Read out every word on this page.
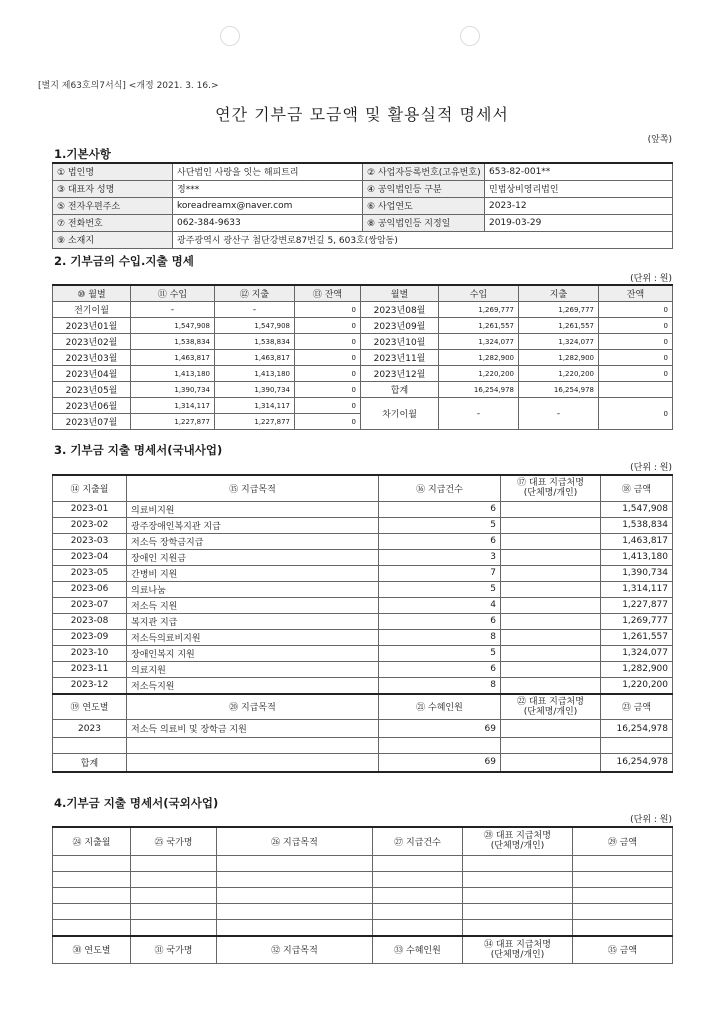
[별지 제63호의7서식] <개정 2021. 3. 16.>
연간 기부금 모금액 및 활용실적 명세서
(앞쪽)
1.기본사항
① 법인명	사단법인 사랑을 잇는 해피트리	② 사업자등록번호(고유번호)	653-82-001**
③ 대표자 성명	정***	④ 공익법인등 구분	민법상비영리법인
⑤ 전자우편주소	koreadreamx@naver.com	⑥ 사업연도	2023-12
⑦ 전화번호	062-384-9633	⑧ 공익법인등 지정일	2019-03-29
⑨ 소재지	광주광역시 광산구 첨단강변로87번길 5, 603호(쌍암동)		
2. 기부금의 수입.지출 명세
(단위 : 원)
⑩ 월별	⑪ 수입	⑫ 지출	⑬ 잔액	월별	수입	지출	잔액
전기이월	-	-	0	2023년08월	1,269,777	1,269,777	0
2023년01월	1,547,908	1,547,908	0	2023년09월	1,261,557	1,261,557	0
2023년02월	1,538,834	1,538,834	0	2023년10월	1,324,077	1,324,077	0
2023년03월	1,463,817	1,463,817	0	2023년11월	1,282,900	1,282,900	0
2023년04월	1,413,180	1,413,180	0	2023년12월	1,220,200	1,220,200	0
2023년05월	1,390,734	1,390,734	0	합계	16,254,978	16,254,978	
2023년06월	1,314,117	1,314,117	0	차기이월	-	-	0
2023년07월	1,227,877	1,227,877	0				
3. 기부금 지출 명세서(국내사업)
(단위 : 원)
⑭ 지출월	⑮ 지급목적	⑯ 지급건수	⑰ 대표 지급처명
(단체명/개인)	⑱ 금액
2023-01	의료비지원	6		1,547,908
2023-02	광주장애인복지관 지급	5		1,538,834
2023-03	저소득 장학금지급	6		1,463,817
2023-04	장애인 지원금	3		1,413,180
2023-05	간병비 지원	7		1,390,734
2023-06	의료나눔	5		1,314,117
2023-07	저소득 지원	4		1,227,877
2023-08	복지관 지급	6		1,269,777
2023-09	저소득의료비지원	8		1,261,557
2023-10	장애인복지 지원	5		1,324,077
2023-11	의료지원	6		1,282,900
2023-12	저소득지원	8		1,220,200
⑲ 연도별	⑳ 지급목적	㉑ 수혜인원	㉒ 대표 지급처명
(단체명/개인)	㉓ 금액
2023	저소득 의료비 및 장학금 지원	69		16,254,978

합계		69		16,254,978
4.기부금 지출 명세서(국외사업)
(단위 : 원)
㉔ 지출월	㉕ 국가명	㉖ 지급목적	㉗ 지급건수	㉘ 대표 지급처명
(단체명/개인)	㉙ 금액

㉚ 연도별	㉛ 국가명	㉜ 지급목적	㉝ 수혜인원	㉞ 대표 지급처명
(단체명/개인)	㉟ 금액
